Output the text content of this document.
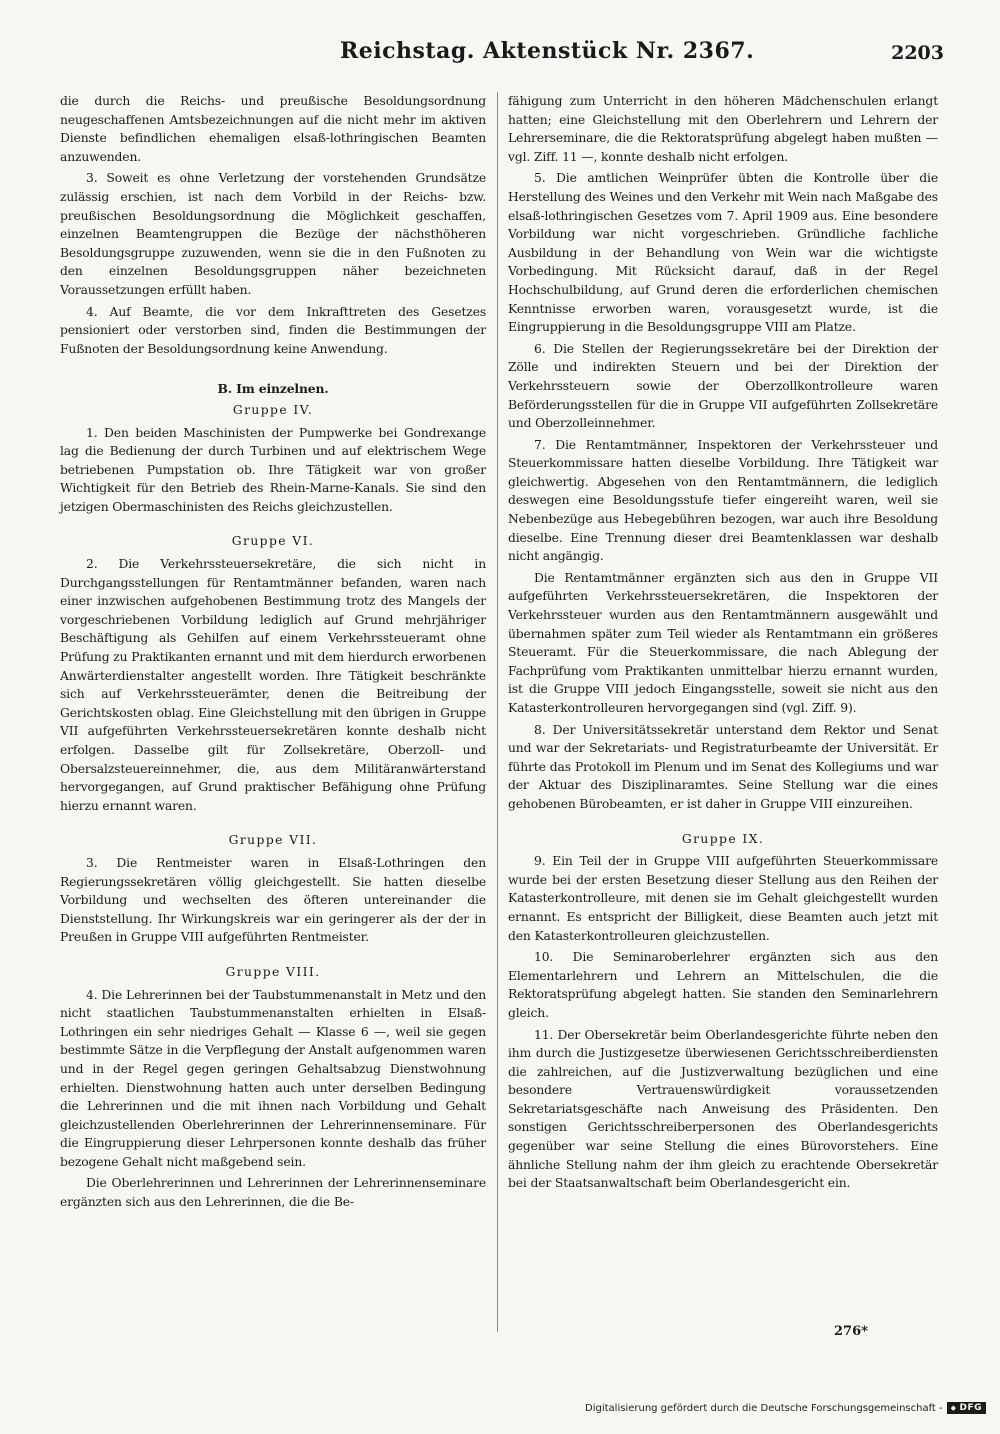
Reichstag. Aktenstück Nr. 2367.	2203

die durch die Reichs- und preußische Besoldungsordnung neugeschaffenen Amtsbezeichnungen auf die nicht mehr im aktiven Dienste befindlichen ehemaligen elsaß-lothringischen Beamten anzuwenden.

3. Soweit es ohne Verletzung der vorstehenden Grundsätze zulässig erschien, ist nach dem Vorbild in der Reichs- bzw. preußischen Besoldungsordnung die Möglichkeit geschaffen, einzelnen Beamtengruppen die Bezüge der nächsthöheren Besoldungsgruppe zuzuwenden, wenn sie die in den Fußnoten zu den einzelnen Besoldungsgruppen näher bezeichneten Voraussetzungen erfüllt haben.

4. Auf Beamte, die vor dem Inkrafttreten des Gesetzes pensioniert oder verstorben sind, finden die Bestimmungen der Fußnoten der Besoldungsordnung keine Anwendung.

B. Im einzelnen.
Gruppe IV.

1. Den beiden Maschinisten der Pumpwerke bei Gondrexange lag die Bedienung der durch Turbinen und auf elektrischem Wege betriebenen Pumpstation ob. Ihre Tätigkeit war von großer Wichtigkeit für den Betrieb des Rhein-Marne-Kanals. Sie sind den jetzigen Obermaschinisten des Reichs gleichzustellen.

Gruppe VI.

2. Die Verkehrssteuersekretäre, die sich nicht in Durchgangsstellungen für Rentamtmänner befanden, waren nach einer inzwischen aufgehobenen Bestimmung trotz des Mangels der vorgeschriebenen Vorbildung lediglich auf Grund mehrjähriger Beschäftigung als Gehilfen auf einem Verkehrssteueramt ohne Prüfung zu Praktikanten ernannt und mit dem hierdurch erworbenen Anwärterdienstalter angestellt worden. Ihre Tätigkeit beschränkte sich auf Verkehrssteuerämter, denen die Beitreibung der Gerichtskosten oblag. Eine Gleichstellung mit den übrigen in Gruppe VII aufgeführten Verkehrssteuersekretären konnte deshalb nicht erfolgen. Dasselbe gilt für Zollsekretäre, Oberzoll- und Obersalzsteuereinnehmer, die, aus dem Militäranwärterstand hervorgegangen, auf Grund praktischer Befähigung ohne Prüfung hierzu ernannt waren.

Gruppe VII.

3. Die Rentmeister waren in Elsaß-Lothringen den Regierungssekretären völlig gleichgestellt. Sie hatten dieselbe Vorbildung und wechselten des öfteren untereinander die Dienststellung. Ihr Wirkungskreis war ein geringerer als der der in Preußen in Gruppe VIII aufgeführten Rentmeister.

Gruppe VIII.

4. Die Lehrerinnen bei der Taubstummenanstalt in Metz und den nicht staatlichen Taubstummenanstalten erhielten in Elsaß-Lothringen ein sehr niedriges Gehalt — Klasse 6 —, weil sie gegen bestimmte Sätze in die Verpflegung der Anstalt aufgenommen waren und in der Regel gegen geringen Gehaltsabzug Dienstwohnung erhielten. Dienstwohnung hatten auch unter derselben Bedingung die Lehrerinnen und die mit ihnen nach Vorbildung und Gehalt gleichzustellenden Oberlehrerinnen der Lehrerinnenseminare. Für die Eingruppierung dieser Lehrpersonen konnte deshalb das früher bezogene Gehalt nicht maßgebend sein.

Die Oberlehrerinnen und Lehrerinnen der Lehrerinnenseminare ergänzten sich aus den Lehrerinnen, die die Be-

fähigung zum Unterricht in den höheren Mädchenschulen erlangt hatten; eine Gleichstellung mit den Oberlehrern und Lehrern der Lehrerseminare, die die Rektoratsprüfung abgelegt haben mußten — vgl. Ziff. 11 —, konnte deshalb nicht erfolgen.

5. Die amtlichen Weinprüfer übten die Kontrolle über die Herstellung des Weines und den Verkehr mit Wein nach Maßgabe des elsaß-lothringischen Gesetzes vom 7. April 1909 aus. Eine besondere Vorbildung war nicht vorgeschrieben. Gründliche fachliche Ausbildung in der Behandlung von Wein war die wichtigste Vorbedingung. Mit Rücksicht darauf, daß in der Regel Hochschulbildung, auf Grund deren die erforderlichen chemischen Kenntnisse erworben waren, vorausgesetzt wurde, ist die Eingruppierung in die Besoldungsgruppe VIII am Platze.

6. Die Stellen der Regierungssekretäre bei der Direktion der Zölle und indirekten Steuern und bei der Direktion der Verkehrssteuern sowie der Oberzollkontrolleure waren Beförderungsstellen für die in Gruppe VII aufgeführten Zollsekretäre und Oberzolleinnehmer.

7. Die Rentamtmänner, Inspektoren der Verkehrssteuer und Steuerkommissare hatten dieselbe Vorbildung. Ihre Tätigkeit war gleichwertig. Abgesehen von den Rentamtmännern, die lediglich deswegen eine Besoldungsstufe tiefer eingereiht waren, weil sie Nebenbezüge aus Hebegebühren bezogen, war auch ihre Besoldung dieselbe. Eine Trennung dieser drei Beamtenklassen war deshalb nicht angängig.

Die Rentamtmänner ergänzten sich aus den in Gruppe VII aufgeführten Verkehrssteuersekretären, die Inspektoren der Verkehrssteuer wurden aus den Rentamtmännern ausgewählt und übernahmen später zum Teil wieder als Rentamtmann ein größeres Steueramt. Für die Steuerkommissare, die nach Ablegung der Fachprüfung vom Praktikanten unmittelbar hierzu ernannt wurden, ist die Gruppe VIII jedoch Eingangsstelle, soweit sie nicht aus den Katasterkontrolleuren hervorgegangen sind (vgl. Ziff. 9).

8. Der Universitätssekretär unterstand dem Rektor und Senat und war der Sekretariats- und Registraturbeamte der Universität. Er führte das Protokoll im Plenum und im Senat des Kollegiums und war der Aktuar des Disziplinaramtes. Seine Stellung war die eines gehobenen Bürobeamten, er ist daher in Gruppe VIII einzureihen.

Gruppe IX.

9. Ein Teil der in Gruppe VIII aufgeführten Steuerkommissare wurde bei der ersten Besetzung dieser Stellung aus den Reihen der Katasterkontrolleure, mit denen sie im Gehalt gleichgestellt wurden ernannt. Es entspricht der Billigkeit, diese Beamten auch jetzt mit den Katasterkontrolleuren gleichzustellen.

10. Die Seminaroberlehrer ergänzten sich aus den Elementarlehrern und Lehrern an Mittelschulen, die die Rektoratsprüfung abgelegt hatten. Sie standen den Seminarlehrern gleich.

11. Der Obersekretär beim Oberlandesgerichte führte neben den ihm durch die Justizgesetze überwiesenen Gerichtsschreiberdiensten die zahlreichen, auf die Justizverwaltung bezüglichen und eine besondere Vertrauenswürdigkeit voraussetzenden Sekretariatsgeschäfte nach Anweisung des Präsidenten. Den sonstigen Gerichtsschreiberpersonen des Oberlandesgerichts gegenüber war seine Stellung die eines Bürovorstehers. Eine ähnliche Stellung nahm der ihm gleich zu erachtende Obersekretär bei der Staatsanwaltschaft beim Oberlandesgericht ein.

276*
Digitalisierung gefördert durch die Deutsche Forschungsgemeinschaft -
◆	DFG
